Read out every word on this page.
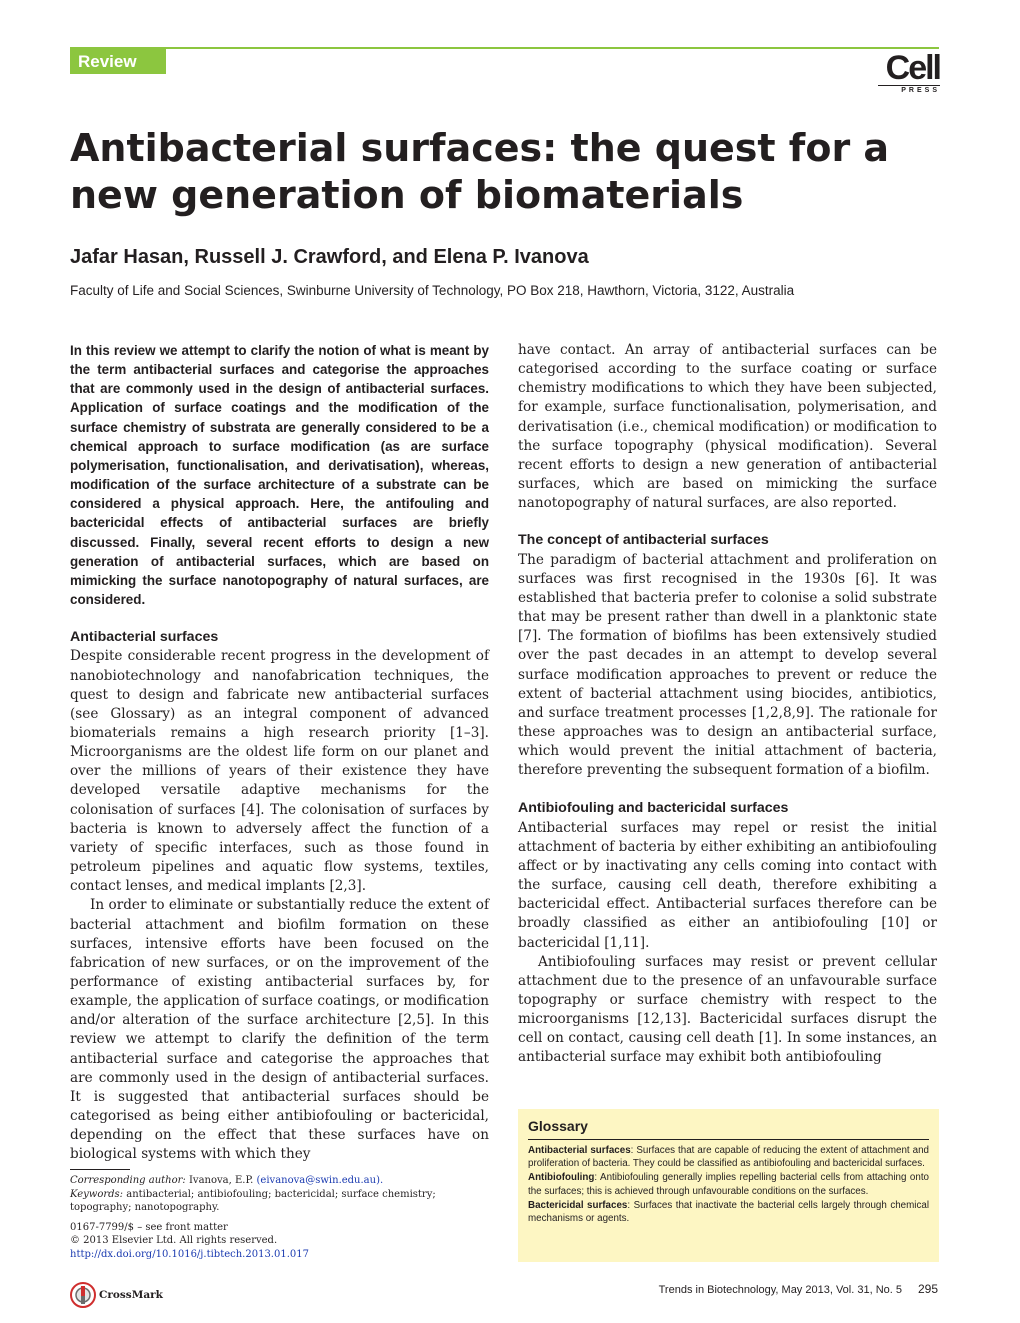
Review	Cell
PRESS
Antibacterial surfaces: the quest for a new generation of biomaterials
Jafar Hasan, Russell J. Crawford, and Elena P. Ivanova
Faculty of Life and Social Sciences, Swinburne University of Technology, PO Box 218, Hawthorn, Victoria, 3122, Australia

In this review we attempt to clarify the notion of what is meant by the term antibacterial surfaces and categorise the approaches that are commonly used in the design of antibacterial surfaces. Application of surface coatings and the modification of the surface chemistry of substrata are generally considered to be a chemical approach to surface modification (as are surface polymerisation, functionalisation, and derivatisation), whereas, modification of the surface architecture of a substrate can be considered a physical approach. Here, the antifouling and bactericidal effects of antibacterial surfaces are briefly discussed. Finally, several recent efforts to design a new generation of antibacterial surfaces, which are based on mimicking the surface nanotopography of natural surfaces, are considered.

Antibacterial surfaces

Despite considerable recent progress in the development of nanobiotechnology and nanofabrication techniques, the quest to design and fabricate new antibacterial surfaces (see Glossary) as an integral component of advanced biomaterials remains a high research priority [1–3]. Microorganisms are the oldest life form on our planet and over the millions of years of their existence they have developed versatile adaptive mechanisms for the colonisation of surfaces [4]. The colonisation of surfaces by bacteria is known to adversely affect the function of a variety of specific interfaces, such as those found in petroleum pipelines and aquatic flow systems, textiles, contact lenses, and medical implants [2,3].

In order to eliminate or substantially reduce the extent of bacterial attachment and biofilm formation on these surfaces, intensive efforts have been focused on the fabrication of new surfaces, or on the improvement of the performance of existing antibacterial surfaces by, for example, the application of surface coatings, or modification and/or alteration of the surface architecture [2,5]. In this review we attempt to clarify the definition of the term antibacterial surface and categorise the approaches that are commonly used in the design of antibacterial surfaces. It is suggested that antibacterial surfaces should be categorised as being either antibiofouling or bactericidal, depending on the effect that these surfaces have on biological systems with which they

have contact. An array of antibacterial surfaces can be categorised according to the surface coating or surface chemistry modifications to which they have been subjected, for example, surface functionalisation, polymerisation, and derivatisation (i.e., chemical modification) or modification to the surface topography (physical modification). Several recent efforts to design a new generation of antibacterial surfaces, which are based on mimicking the surface nanotopography of natural surfaces, are also reported.

The concept of antibacterial surfaces

The paradigm of bacterial attachment and proliferation on surfaces was first recognised in the 1930s [6]. It was established that bacteria prefer to colonise a solid substrate that may be present rather than dwell in a planktonic state [7]. The formation of biofilms has been extensively studied over the past decades in an attempt to develop several surface modification approaches to prevent or reduce the extent of bacterial attachment using biocides, antibiotics, and surface treatment processes [1,2,8,9]. The rationale for these approaches was to design an antibacterial surface, which would prevent the initial attachment of bacteria, therefore preventing the subsequent formation of a biofilm.

Antibiofouling and bactericidal surfaces

Antibacterial surfaces may repel or resist the initial attachment of bacteria by either exhibiting an antibiofouling affect or by inactivating any cells coming into contact with the surface, causing cell death, therefore exhibiting a bactericidal effect. Antibacterial surfaces therefore can be broadly classified as either an antibiofouling [10] or bactericidal [1,11].

Antibiofouling surfaces may resist or prevent cellular attachment due to the presence of an unfavourable surface topography or surface chemistry with respect to the microorganisms [12,13]. Bactericidal surfaces disrupt the cell on contact, causing cell death [1]. In some instances, an antibacterial surface may exhibit both antibiofouling

Corresponding author: Ivanova, E.P. (eivanova@swin.edu.au).

Keywords: antibacterial; antibiofouling; bactericidal; surface chemistry; topography; nanotopography.

0167-7799/$ – see front matter

© 2013 Elsevier Ltd. All rights reserved. http://dx.doi.org/10.1016/j.tibtech.2013.01.017

Glossary

Antibacterial surfaces: Surfaces that are capable of reducing the extent of attachment and proliferation of bacteria. They could be classified as antibiofouling and bactericidal surfaces.

Antibiofouling: Antibiofouling generally implies repelling bacterial cells from attaching onto the surfaces; this is achieved through unfavourable conditions on the surfaces.

Bactericidal surfaces: Surfaces that inactivate the bacterial cells largely through chemical mechanisms or agents.

CrossMark	Trends in Biotechnology, May 2013, Vol. 31, No. 5 295
